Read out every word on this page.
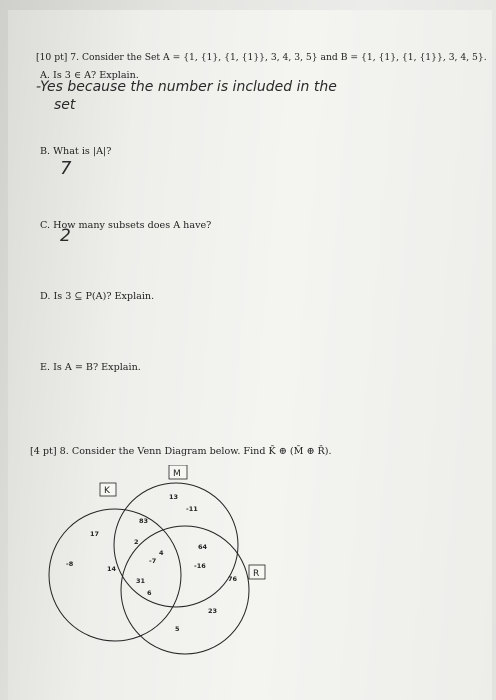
[10 pt] 7. Consider the Set A = {1, {1}, {1, {1}}, 3, 4, 3, 5} and B = {1, {1}, {1, {1}}, 3, 4, 5}.
A. Is 3 ∈ A? Explain.
-Yes because the number is included in the
set
B. What is |A|?
7
C. How many subsets does A have?
2
D. Is 3 ⊆ P(A)? Explain.
E. Is A = B? Explain.
[4 pt] 8. Consider the Venn Diagram below. Find K̄ ⊕ (M̄ ⊕ R̄).
K
M
R
13
-11
83
17
2
4
-7
64
-16
14
31
6
76
23
-8
5
